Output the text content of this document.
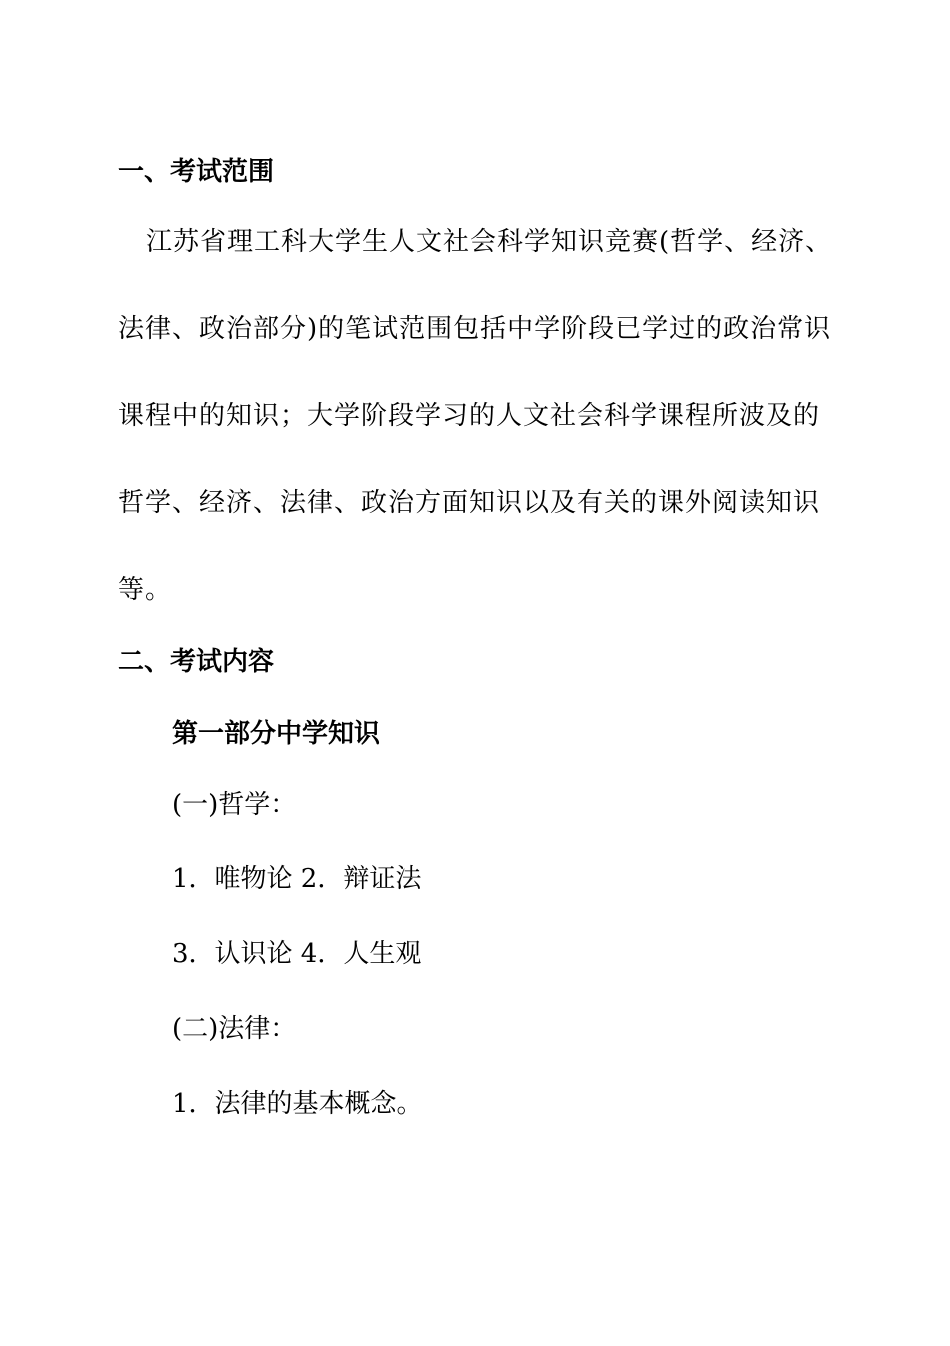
一、考试范围
江苏省理工科大学生人文社会科学知识竞赛(哲学、经济、
法律、政治部分)的笔试范围包括中学阶段已学过的政治常识
课程中的知识；大学阶段学习的人文社会科学课程所波及的
哲学、经济、法律、政治方面知识以及有关的课外阅读知识
等。
二、考试内容
第一部分中学知识
(一)哲学：
1．唯物论 2．辩证法
3．认识论 4．人生观
(二)法律：
1．法律的基本概念。
